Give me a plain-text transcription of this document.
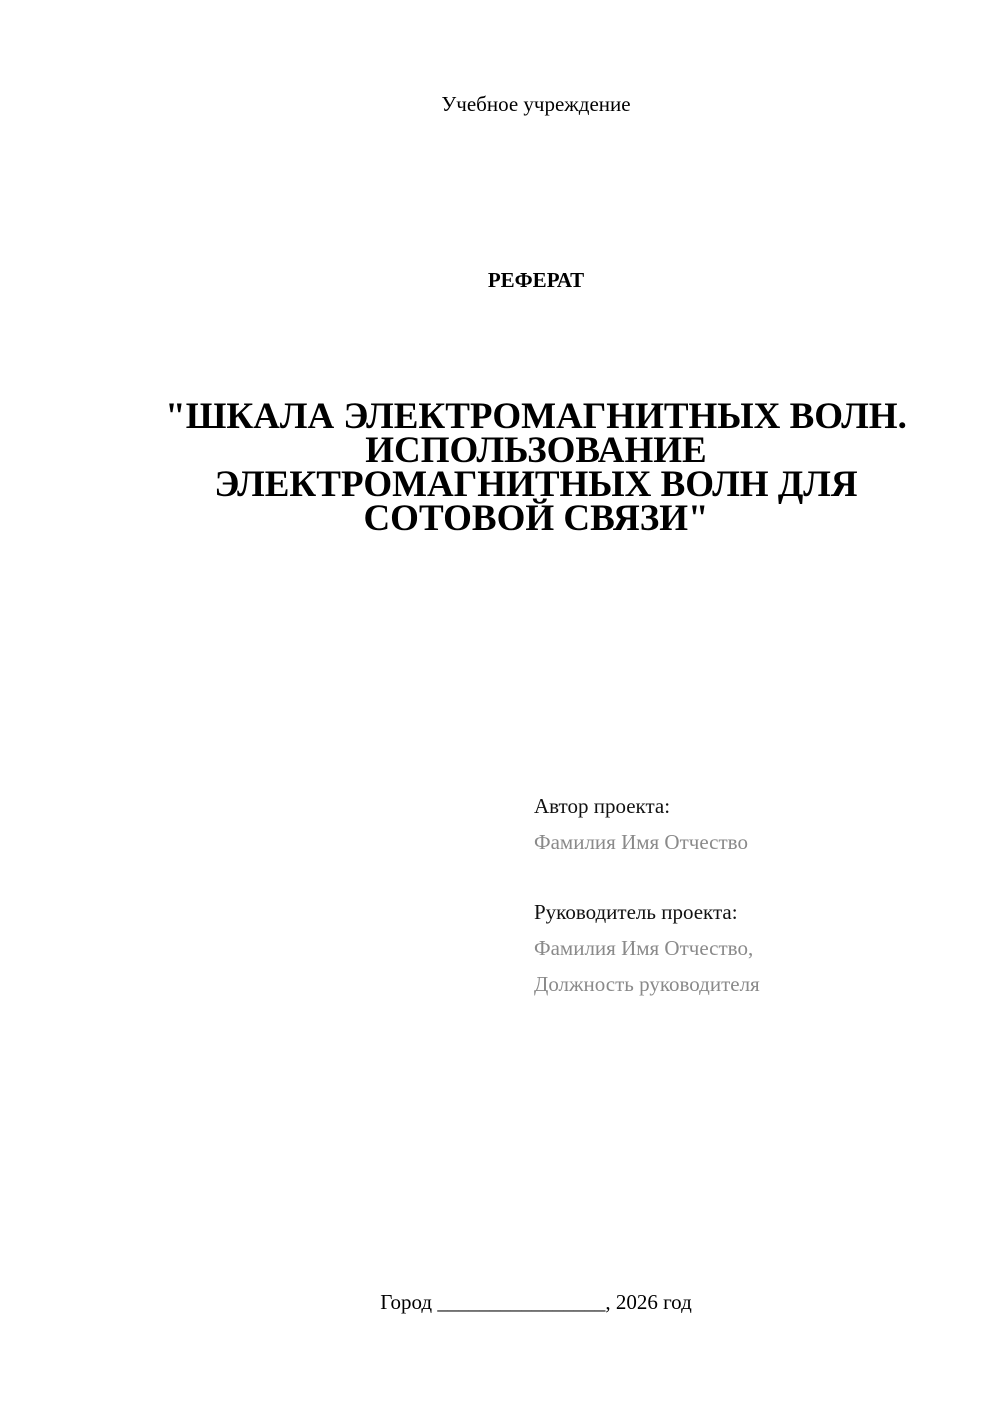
Учебное учреждение
РЕФЕРАТ
"ШКАЛА ЭЛЕКТРОМАГНИТНЫХ ВОЛН.
ИСПОЛЬЗОВАНИЕ
ЭЛЕКТРОМАГНИТНЫХ ВОЛН ДЛЯ
СОТОВОЙ СВЯЗИ"
Автор проекта:
Фамилия Имя Отчество
Руководитель проекта:
Фамилия Имя Отчество,
Должность руководителя
Город ________________, 2026 год
